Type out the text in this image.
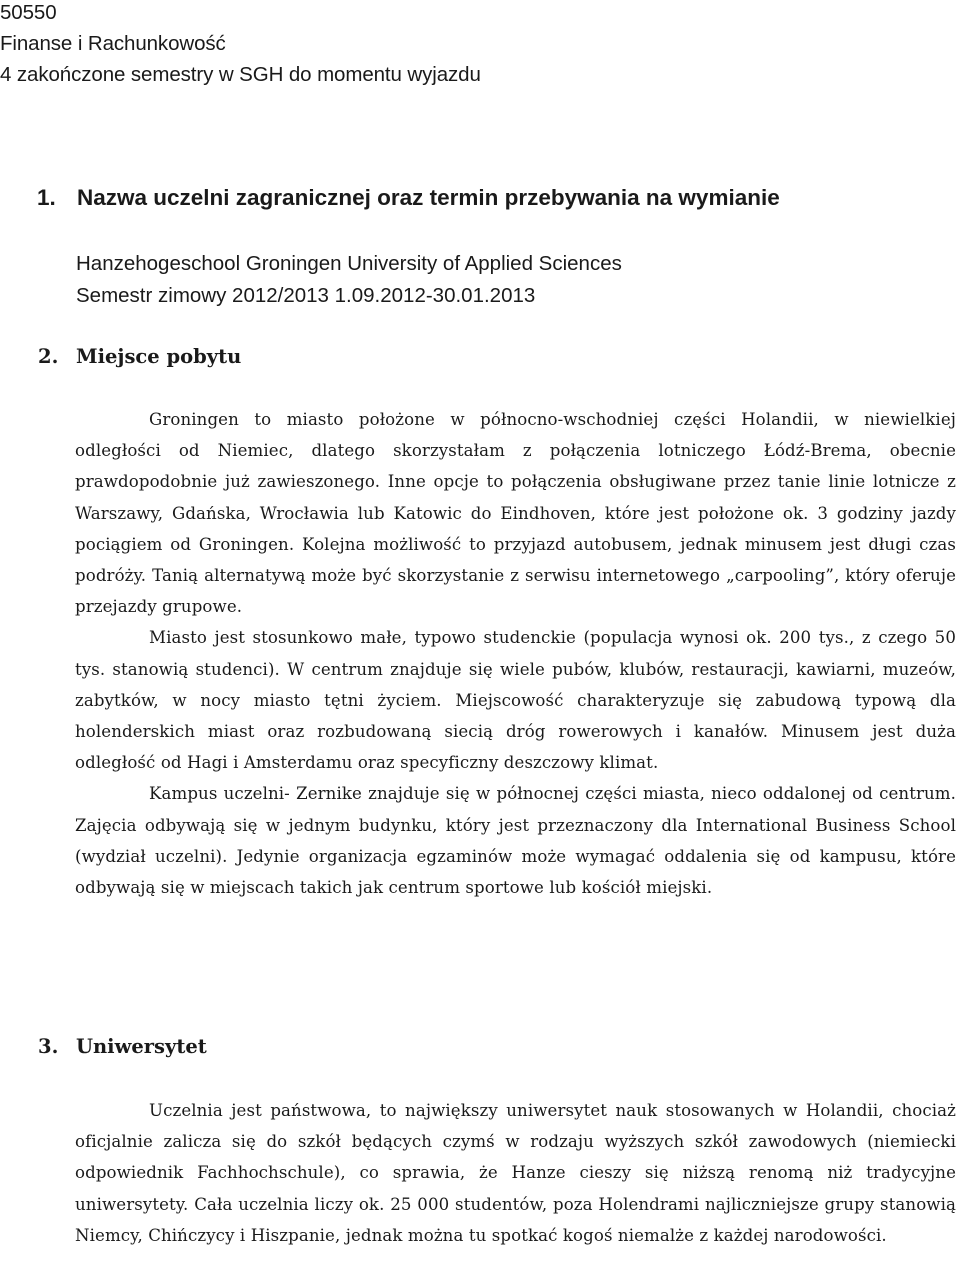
50550
Finanse i Rachunkowość
4 zakończone semestry w SGH do momentu wyjazdu
1. Nazwa uczelni zagranicznej oraz termin przebywania na wymianie
Hanzehogeschool Groningen University of Applied Sciences
Semestr zimowy 2012/2013 1.09.2012-30.01.2013
2. Miejsce pobytu

Groningen to miasto położone w północno-wschodniej części Holandii, w niewielkiej odległości od Niemiec, dlatego skorzystałam z połączenia lotniczego Łódź-Brema, obecnie prawdopodobnie już zawieszonego. Inne opcje to połączenia obsługiwane przez tanie linie lotnicze z Warszawy, Gdańska, Wrocławia lub Katowic do Eindhoven, które jest położone ok. 3 godziny jazdy pociągiem od Groningen. Kolejna możliwość to przyjazd autobusem, jednak minusem jest długi czas podróży. Tanią alternatywą może być skorzystanie z serwisu internetowego „carpooling”, który oferuje przejazdy grupowe.

Miasto jest stosunkowo małe, typowo studenckie (populacja wynosi ok. 200 tys., z czego 50 tys. stanowią studenci). W centrum znajduje się wiele pubów, klubów, restauracji, kawiarni, muzeów, zabytków, w nocy miasto tętni życiem. Miejscowość charakteryzuje się zabudową typową dla holenderskich miast oraz rozbudowaną siecią dróg rowerowych i kanałów. Minusem jest duża odległość od Hagi i Amsterdamu oraz specyficzny deszczowy klimat.

Kampus uczelni- Zernike znajduje się w północnej części miasta, nieco oddalonej od centrum. Zajęcia odbywają się w jednym budynku, który jest przeznaczony dla International Business School (wydział uczelni). Jedynie organizacja egzaminów może wymagać oddalenia się od kampusu, które odbywają się w miejscach takich jak centrum sportowe lub kościół miejski.

3. Uniwersytet

Uczelnia jest państwowa, to największy uniwersytet nauk stosowanych w Holandii, chociaż oficjalnie zalicza się do szkół będących czymś w rodzaju wyższych szkół zawodowych (niemiecki odpowiednik Fachhochschule), co sprawia, że Hanze cieszy się niższą renomą niż tradycyjne uniwersytety. Cała uczelnia liczy ok. 25 000 studentów, poza Holendrami najliczniejsze grupy stanowią Niemcy, Chińczycy i Hiszpanie, jednak można tu spotkać kogoś niemalże z każdej narodowości.
